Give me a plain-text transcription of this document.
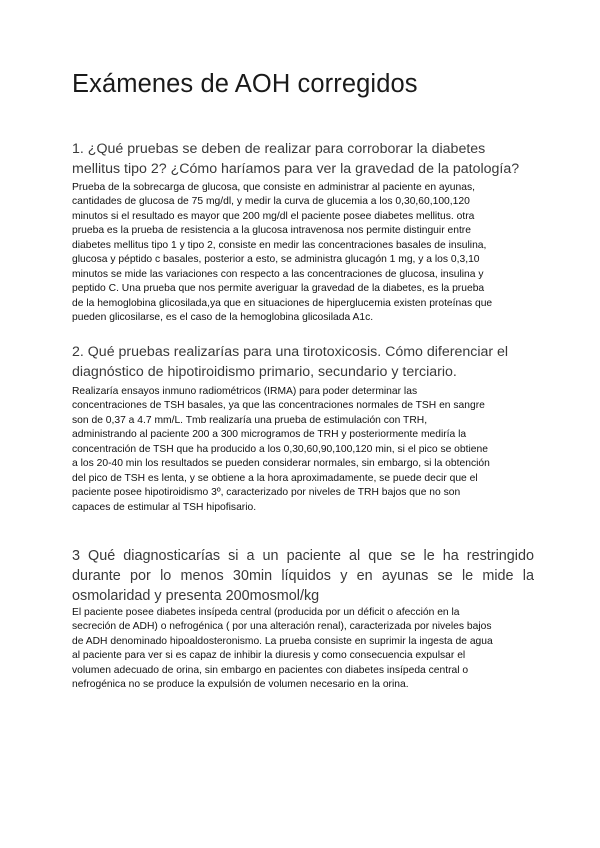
Exámenes de AOH corregidos
1. ¿Qué pruebas se deben de realizar para corroborar la diabetes
mellitus tipo 2? ¿Cómo haríamos para ver la gravedad de la patología?
Prueba de la sobrecarga de glucosa, que consiste en administrar al paciente en ayunas,
cantidades de glucosa de 75 mg/dl, y medir la curva de glucemia a los 0,30,60,100,120
minutos si el resultado es mayor que 200 mg/dl el paciente posee diabetes mellitus. otra
prueba es la prueba de resistencia a la glucosa intravenosa nos permite distinguir entre
diabetes mellitus tipo 1 y tipo 2, consiste en medir las concentraciones basales de insulina,
glucosa y péptido c basales, posterior a esto, se administra glucagón 1 mg, y a los 0,3,10
minutos se mide las variaciones con respecto a las concentraciones de glucosa, insulina y
peptido C. Una prueba que nos permite averiguar la gravedad de la diabetes, es la prueba
de la hemoglobina glicosilada,ya que en situaciones de hiperglucemia existen proteínas que
pueden glicosilarse, es el caso de la hemoglobina glicosilada A1c.
2. Qué pruebas realizarías para una tirotoxicosis. Cómo diferenciar el
diagnóstico de hipotiroidismo primario, secundario y terciario.
Realizaría ensayos inmuno radiométricos (IRMA) para poder determinar las
concentraciones de TSH basales, ya que las concentraciones normales de TSH en sangre
son de 0,37 a 4.7 mm/L. Tmb realizaría una prueba de estimulación con TRH,
administrando al paciente 200 a 300 microgramos de TRH y posteriormente mediría la
concentración de TSH que ha producido a los 0,30,60,90,100,120 min, si el pico se obtiene
a los 20-40 min los resultados se pueden considerar normales, sin embargo, si la obtención
del pico de TSH es lenta, y se obtiene a la hora aproximadamente, se puede decir que el
paciente posee hipotiroidismo 3º, caracterizado por niveles de TRH bajos que no son
capaces de estimular al TSH hipofisario.
3 Qué diagnosticarías si a un paciente al que se le ha restringido durante por lo menos 30min líquidos y en ayunas se le mide la osmolaridad y presenta 200mosmol/kg
El paciente posee diabetes insípeda central (producida por un déficit o afección en la
secreción de ADH) o nefrogénica ( por una alteración renal), caracterizada por niveles bajos
de ADH denominado hipoaldosteronismo. La prueba consiste en suprimir la ingesta de agua
al paciente para ver si es capaz de inhibir la diuresis y como consecuencia expulsar el
volumen adecuado de orina, sin embargo en pacientes con diabetes insípeda central o
nefrogénica no se produce la expulsión de volumen necesario en la orina.
